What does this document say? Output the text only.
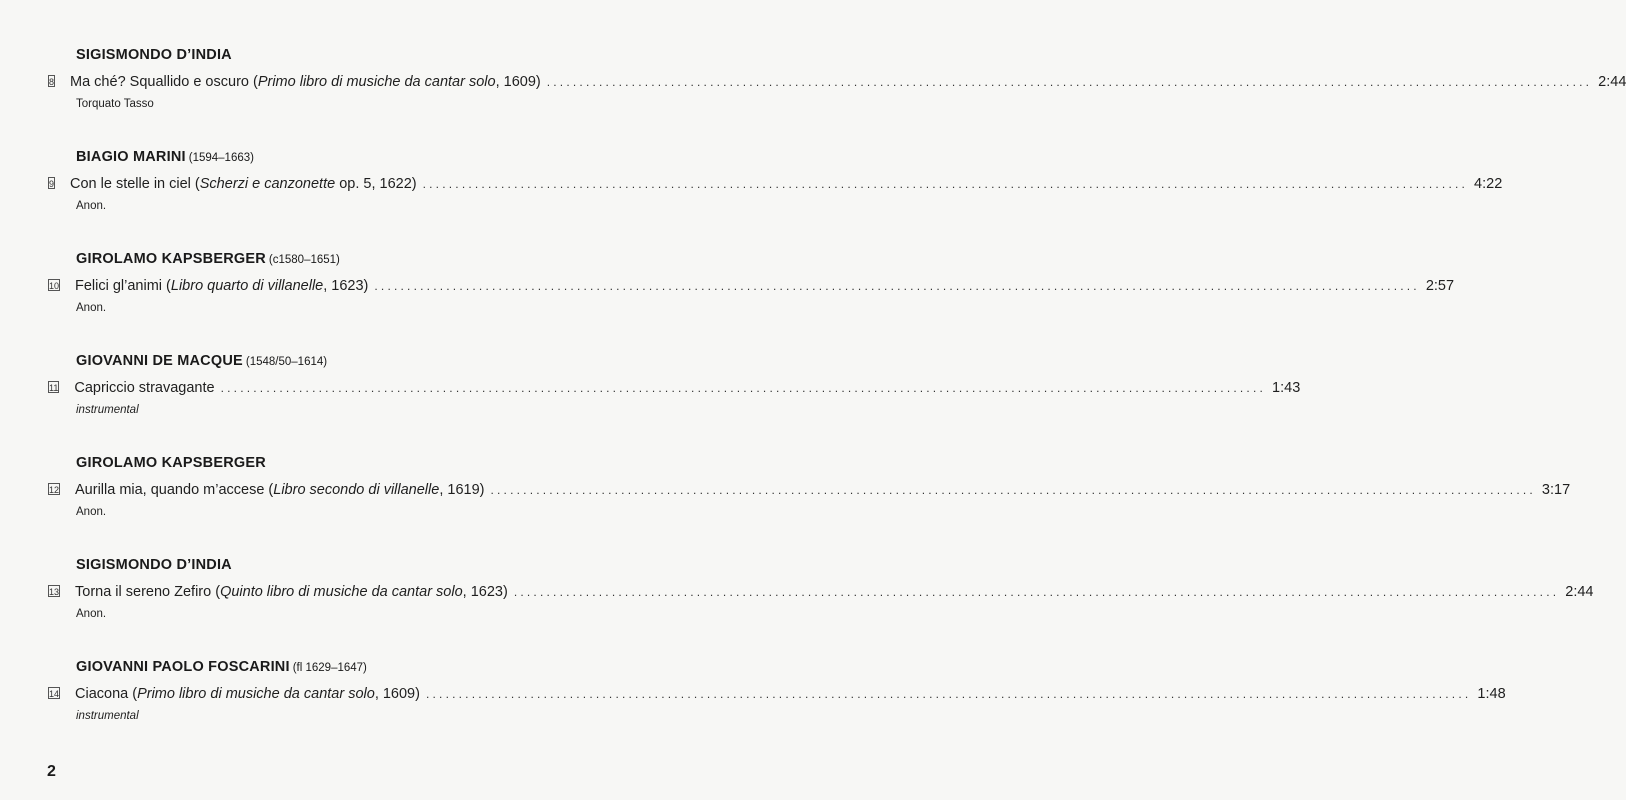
SIGISMONDO D’INDIA
8 Ma ché? Squallido e oscuro (Primo libro di musiche da cantar solo, 1609) ................................................................................................................................................................ 2:44
Torquato Tasso
BIAGIO MARINI (1594–1663)
9 Con le stelle in ciel (Scherzi e canzonette op. 5, 1622) ................................................................................................................................................................ 4:22
Anon.
GIROLAMO KAPSBERGER (c1580–1651)
10 Felici gl’animi (Libro quarto di villanelle, 1623) ................................................................................................................................................................ 2:57
Anon.
GIOVANNI DE MACQUE (1548/50–1614)
11 Capriccio stravagante ................................................................................................................................................................ 1:43
instrumental
GIROLAMO KAPSBERGER
12 Aurilla mia, quando m’accese (Libro secondo di villanelle, 1619) ................................................................................................................................................................ 3:17
Anon.
SIGISMONDO D’INDIA
13 Torna il sereno Zefiro (Quinto libro di musiche da cantar solo, 1623) ................................................................................................................................................................ 2:44
Anon.
GIOVANNI PAOLO FOSCARINI (fl 1629–1647)
14 Ciacona (Primo libro di musiche da cantar solo, 1609) ................................................................................................................................................................ 1:48
instrumental
2
